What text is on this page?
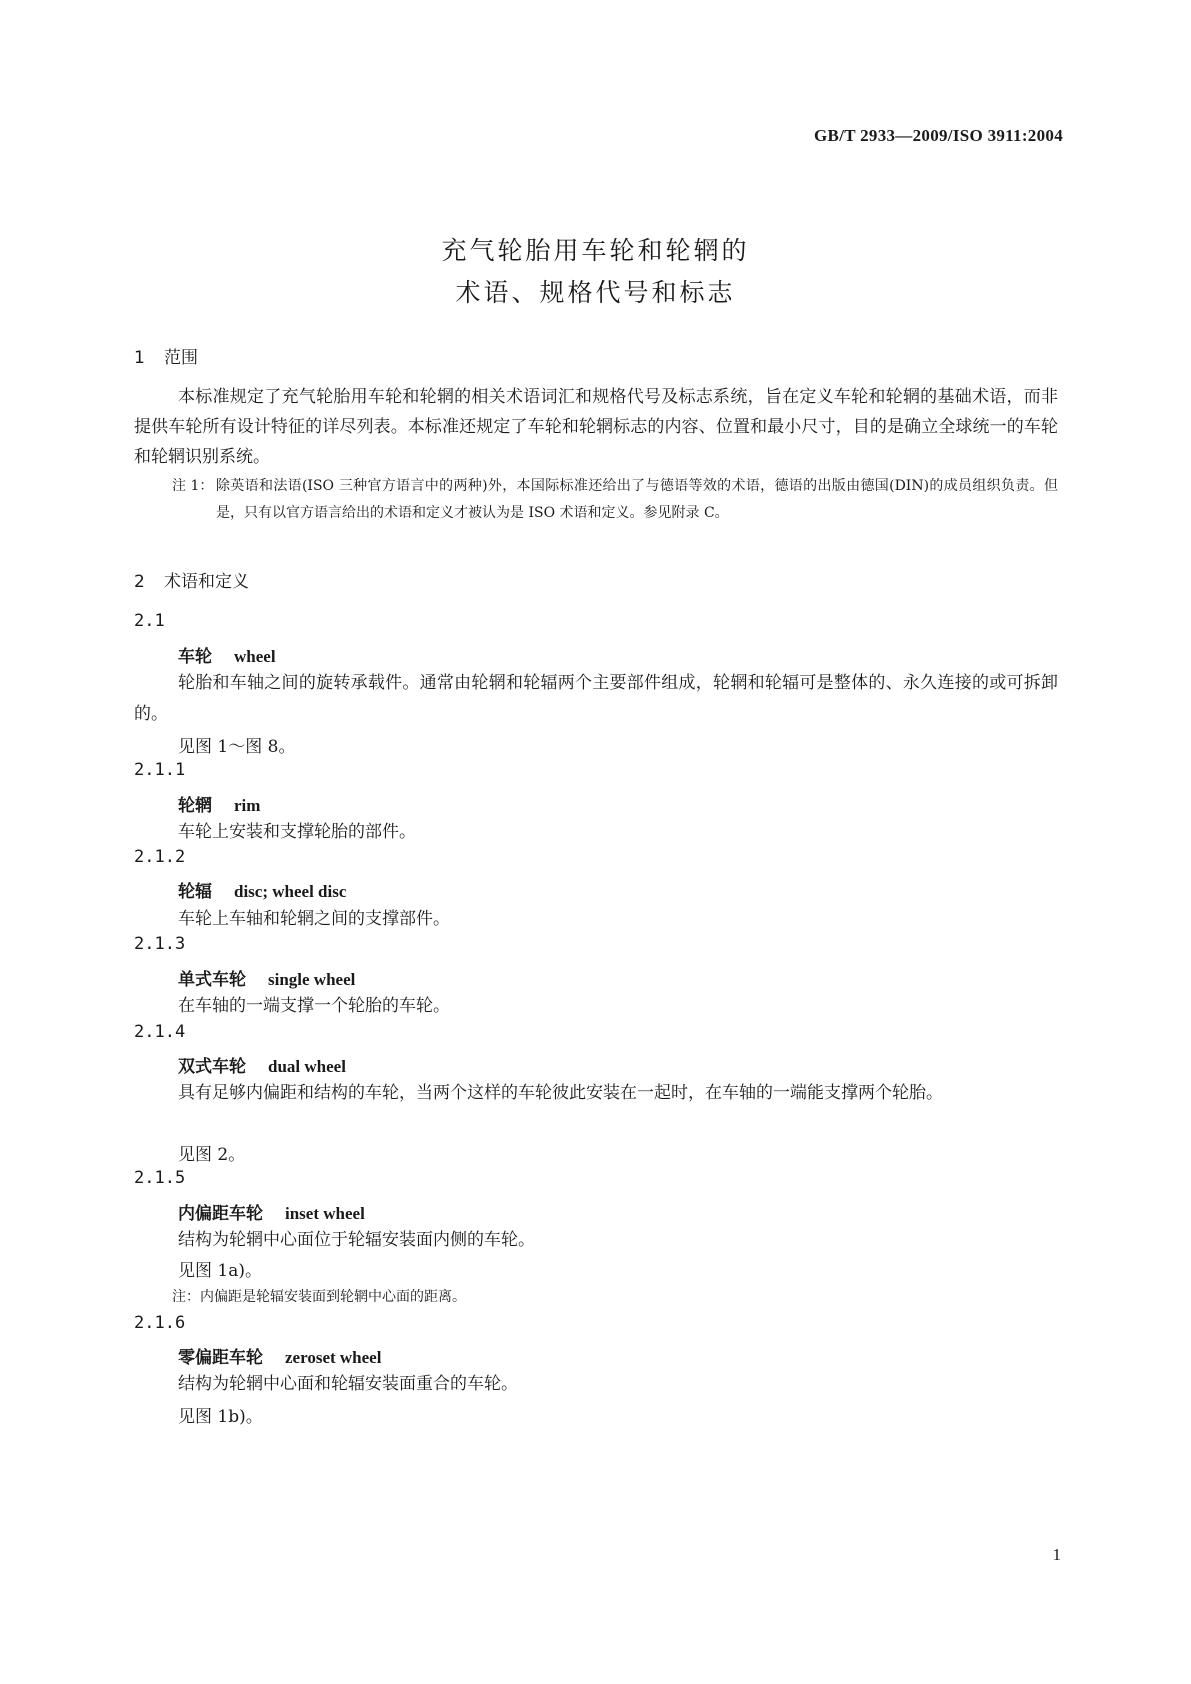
GB/T 2933—2009/ISO 3911:2004
充气轮胎用车轮和轮辋的
术语、规格代号和标志
1 范围
本标准规定了充气轮胎用车轮和轮辋的相关术语词汇和规格代号及标志系统，旨在定义车轮和轮辋的基础术语，而非提供车轮所有设计特征的详尽列表。本标准还规定了车轮和轮辋标志的内容、位置和最小尺寸，目的是确立全球统一的车轮和轮辋识别系统。
注 1： 除英语和法语(ISO 三种官方语言中的两种)外，本国际标准还给出了与德语等效的术语，德语的出版由德国(DIN)的成员组织负责。但是，只有以官方语言给出的术语和定义才被认为是 ISO 术语和定义。参见附录 C。
2 术语和定义
2.1
车轮 wheel
轮胎和车轴之间的旋转承载件。通常由轮辋和轮辐两个主要部件组成，轮辋和轮辐可是整体的、永久连接的或可拆卸的。
见图 1～图 8。
2.1.1
轮辋 rim
车轮上安装和支撑轮胎的部件。
2.1.2
轮辐 disc; wheel disc
车轮上车轴和轮辋之间的支撑部件。
2.1.3
单式车轮 single wheel
在车轴的一端支撑一个轮胎的车轮。
2.1.4
双式车轮 dual wheel
具有足够内偏距和结构的车轮，当两个这样的车轮彼此安装在一起时，在车轴的一端能支撑两个轮胎。
见图 2。
2.1.5
内偏距车轮 inset wheel
结构为轮辋中心面位于轮辐安装面内侧的车轮。
见图 1a)。
注：内偏距是轮辐安装面到轮辋中心面的距离。
2.1.6
零偏距车轮 zeroset wheel
结构为轮辋中心面和轮辐安装面重合的车轮。
见图 1b)。
1
